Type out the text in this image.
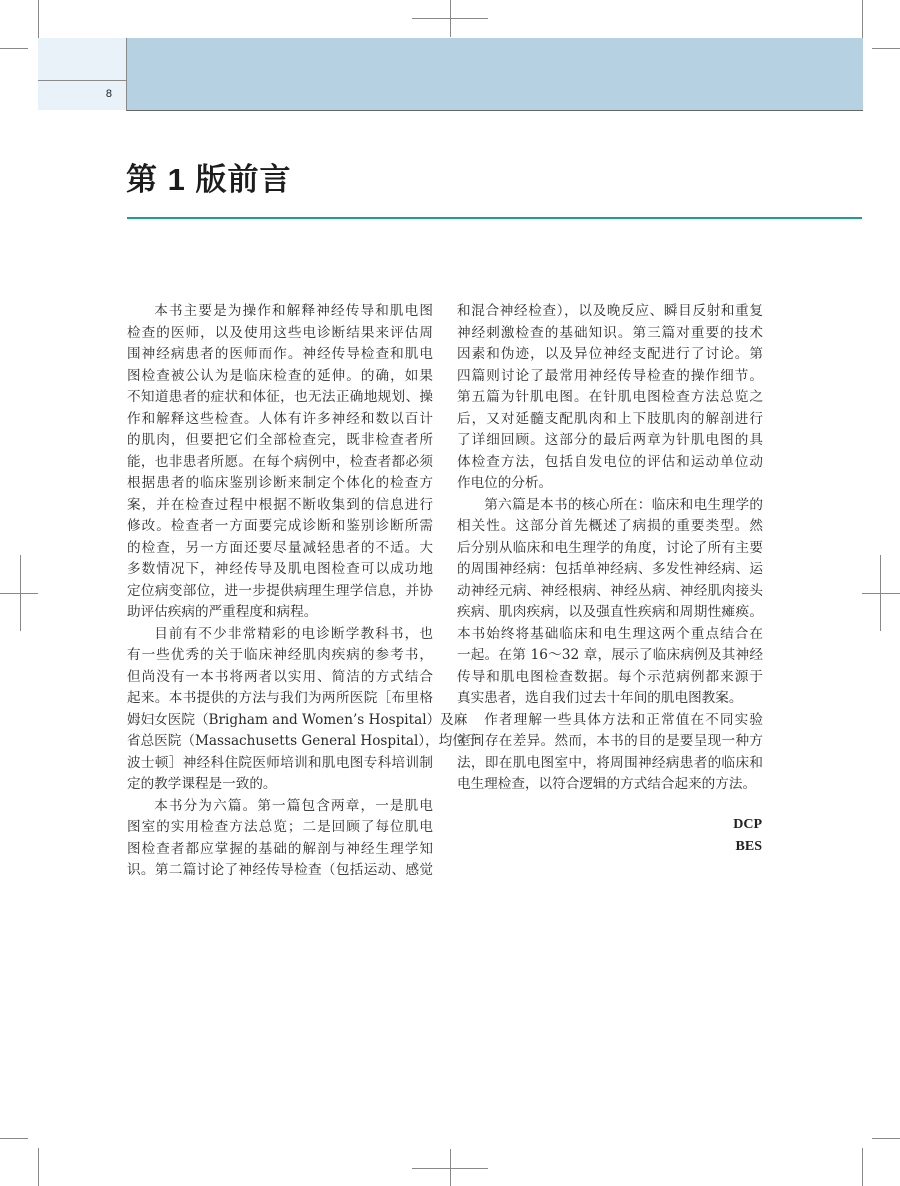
8
第 1 版前言
本书主要是为操作和解释神经传导和肌电图
检查的医师，以及使用这些电诊断结果来评估周
围神经病患者的医师而作。神经传导检查和肌电
图检查被公认为是临床检查的延伸。的确，如果
不知道患者的症状和体征，也无法正确地规划、操
作和解释这些检查。人体有许多神经和数以百计
的肌肉，但要把它们全部检查完，既非检查者所
能，也非患者所愿。在每个病例中，检查者都必须
根据患者的临床鉴别诊断来制定个体化的检查方
案，并在检查过程中根据不断收集到的信息进行
修改。检查者一方面要完成诊断和鉴别诊断所需
的检查，另一方面还要尽量减轻患者的不适。大
多数情况下，神经传导及肌电图检查可以成功地
定位病变部位，进一步提供病理生理学信息，并协
助评估疾病的严重程度和病程。
目前有不少非常精彩的电诊断学教科书，也
有一些优秀的关于临床神经肌肉疾病的参考书，
但尚没有一本书将两者以实用、简洁的方式结合
起来。本书提供的方法与我们为两所医院［布里格
姆妇女医院（Brigham and Women’s Hospital）及麻
省总医院（Massachusetts General Hospital），均位于
波士顿］神经科住院医师培训和肌电图专科培训制
定的教学课程是一致的。
本书分为六篇。第一篇包含两章，一是肌电
图室的实用检查方法总览；二是回顾了每位肌电
图检查者都应掌握的基础的解剖与神经生理学知
识。第二篇讨论了神经传导检查（包括运动、感觉
和混合神经检查），以及晚反应、瞬目反射和重复
神经刺激检查的基础知识。第三篇对重要的技术
因素和伪迹，以及异位神经支配进行了讨论。第
四篇则讨论了最常用神经传导检查的操作细节。
第五篇为针肌电图。在针肌电图检查方法总览之
后，又对延髓支配肌肉和上下肢肌肉的解剖进行
了详细回顾。这部分的最后两章为针肌电图的具
体检查方法，包括自发电位的评估和运动单位动
作电位的分析。
第六篇是本书的核心所在：临床和电生理学的
相关性。这部分首先概述了病损的重要类型。然
后分别从临床和电生理学的角度，讨论了所有主要
的周围神经病：包括单神经病、多发性神经病、运
动神经元病、神经根病、神经丛病、神经肌肉接头
疾病、肌肉疾病，以及强直性疾病和周期性瘫痪。
本书始终将基础临床和电生理这两个重点结合在
一起。在第 16～32 章，展示了临床病例及其神经
传导和肌电图检查数据。每个示范病例都来源于
真实患者，选自我们过去十年间的肌电图教案。
作者理解一些具体方法和正常值在不同实验
室间存在差异。然而，本书的目的是要呈现一种方
法，即在肌电图室中，将周围神经病患者的临床和
电生理检查，以符合逻辑的方式结合起来的方法。
DCP
BES
